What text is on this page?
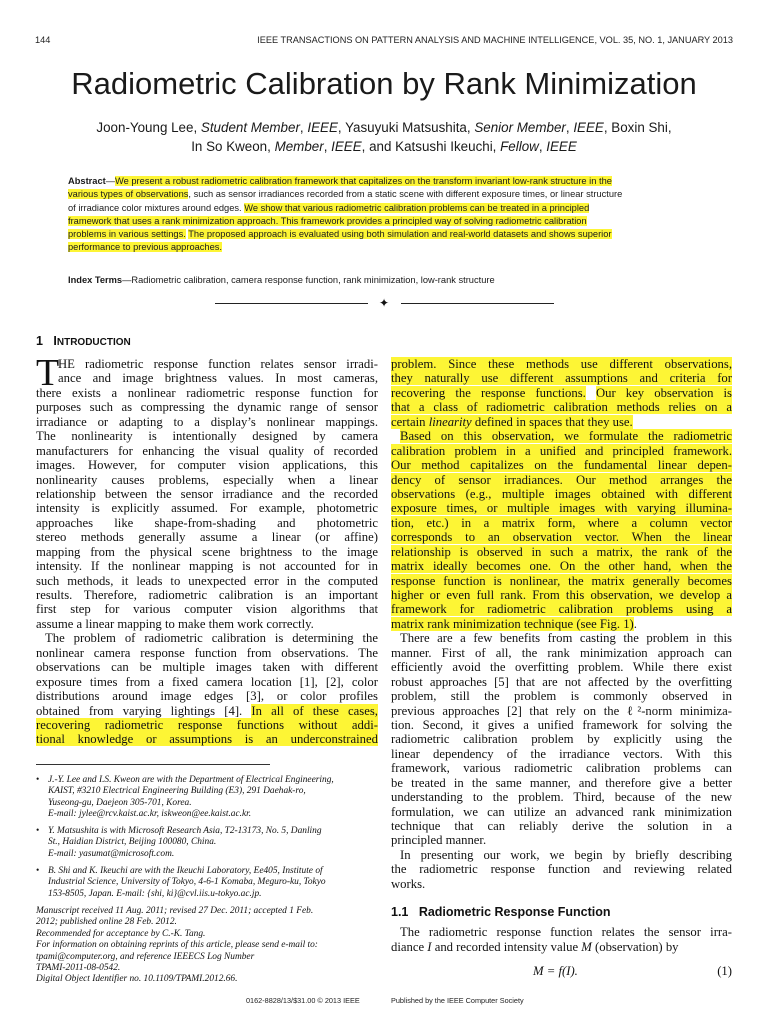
144	IEEE TRANSACTIONS ON PATTERN ANALYSIS AND MACHINE INTELLIGENCE, VOL. 35, NO. 1, JANUARY 2013
Radiometric Calibration by Rank Minimization
Joon-Young Lee, Student Member, IEEE, Yasuyuki Matsushita, Senior Member, IEEE, Boxin Shi,
In So Kweon, Member, IEEE, and Katsushi Ikeuchi, Fellow, IEEE
Abstract—We present a robust radiometric calibration framework that capitalizes on the transform invariant low-rank structure in the
various types of observations, such as sensor irradiances recorded from a static scene with different exposure times, or linear structure
of irradiance color mixtures around edges. We show that various radiometric calibration problems can be treated in a principled
framework that uses a rank minimization approach. This framework provides a principled way of solving radiometric calibration
problems in various settings. The proposed approach is evaluated using both simulation and real-world datasets and shows superior
performance to previous approaches.
Index Terms—Radiometric calibration, camera response function, rank minimization, low-rank structure
✦
1 INTRODUCTION
T
HE radiometric response function relates sensor irradi-
ance and image brightness values. In most cameras,
there exists a nonlinear radiometric response function for
purposes such as compressing the dynamic range of sensor
irradiance or adapting to a display’s nonlinear mappings.
The nonlinearity is intentionally designed by camera
manufacturers for enhancing the visual quality of recorded
images. However, for computer vision applications, this
nonlinearity causes problems, especially when a linear
relationship between the sensor irradiance and the recorded
intensity is explicitly assumed. For example, photometric
approaches like shape-from-shading and photometric
stereo methods generally assume a linear (or affine)
mapping from the physical scene brightness to the image
intensity. If the nonlinear mapping is not accounted for in
such methods, it leads to unexpected error in the computed
results. Therefore, radiometric calibration is an important
first step for various computer vision algorithms that
assume a linear mapping to make them work correctly.
The problem of radiometric calibration is determining the
nonlinear camera response function from observations. The
observations can be multiple images taken with different
exposure times from a fixed camera location [1], [2], color
distributions around image edges [3], or color profiles
obtained from varying lightings [4]. In all of these cases,
recovering radiometric response functions without addi-
tional knowledge or assumptions is an underconstrained
problem. Since these methods use different observations,
they naturally use different assumptions and criteria for
recovering the response functions. Our key observation is
that a class of radiometric calibration methods relies on a
certain linearity defined in spaces that they use.
Based on this observation, we formulate the radiometric
calibration problem in a unified and principled framework.
Our method capitalizes on the fundamental linear depen-
dency of sensor irradiances. Our method arranges the
observations (e.g., multiple images obtained with different
exposure times, or multiple images with varying illumina-
tion, etc.) in a matrix form, where a column vector
corresponds to an observation vector. When the linear
relationship is observed in such a matrix, the rank of the
matrix ideally becomes one. On the other hand, when the
response function is nonlinear, the matrix generally becomes
higher or even full rank. From this observation, we develop a
framework for radiometric calibration problems using a
matrix rank minimization technique (see Fig. 1).
There are a few benefits from casting the problem in this
manner. First of all, the rank minimization approach can
efficiently avoid the overfitting problem. While there exist
robust approaches [5] that are not affected by the overfitting
problem, still the problem is commonly observed in
previous approaches [2] that rely on the ℓ²-norm minimiza-
tion. Second, it gives a unified framework for solving the
radiometric calibration problem by explicitly using the
linear dependency of the irradiance vectors. With this
framework, various radiometric calibration problems can
be treated in the same manner, and therefore give a better
understanding to the problem. Third, because of the new
formulation, we can utilize an advanced rank minimization
technique that can reliably derive the solution in a
principled manner.
In presenting our work, we begin by briefly describing
the radiometric response function and reviewing related
works.
• J.-Y. Lee and I.S. Kweon are with the Department of Electrical Engineering,
KAIST, #3210 Electrical Engineering Building (E3), 291 Daehak-ro,
Yuseong-gu, Daejeon 305-701, Korea.
E-mail: jylee@rcv.kaist.ac.kr, iskweon@ee.kaist.ac.kr.
• Y. Matsushita is with Microsoft Research Asia, T2-13173, No. 5, Danling
St., Haidian District, Beijing 100080, China.
E-mail: yasumat@microsoft.com.
• B. Shi and K. Ikeuchi are with the Ikeuchi Laboratory, Ee405, Institute of
Industrial Science, University of Tokyo, 4-6-1 Komaba, Meguro-ku, Tokyo
153-8505, Japan. E-mail: {shi, ki}@cvl.iis.u-tokyo.ac.jp.
Manuscript received 11 Aug. 2011; revised 27 Dec. 2011; accepted 1 Feb.
2012; published online 28 Feb. 2012.
Recommended for acceptance by C.-K. Tang.
For information on obtaining reprints of this article, please send e-mail to:
tpami@computer.org, and reference IEEECS Log Number
TPAMI-2011-08-0542.
Digital Object Identifier no. 10.1109/TPAMI.2012.66.
1.1 Radiometric Response Function
The radiometric response function relates the sensor irra-
diance I and recorded intensity value M (observation) by
M = f(I).	(1)
0162-8828/13/$31.00 © 2013 IEEE	Published by the IEEE Computer Society
